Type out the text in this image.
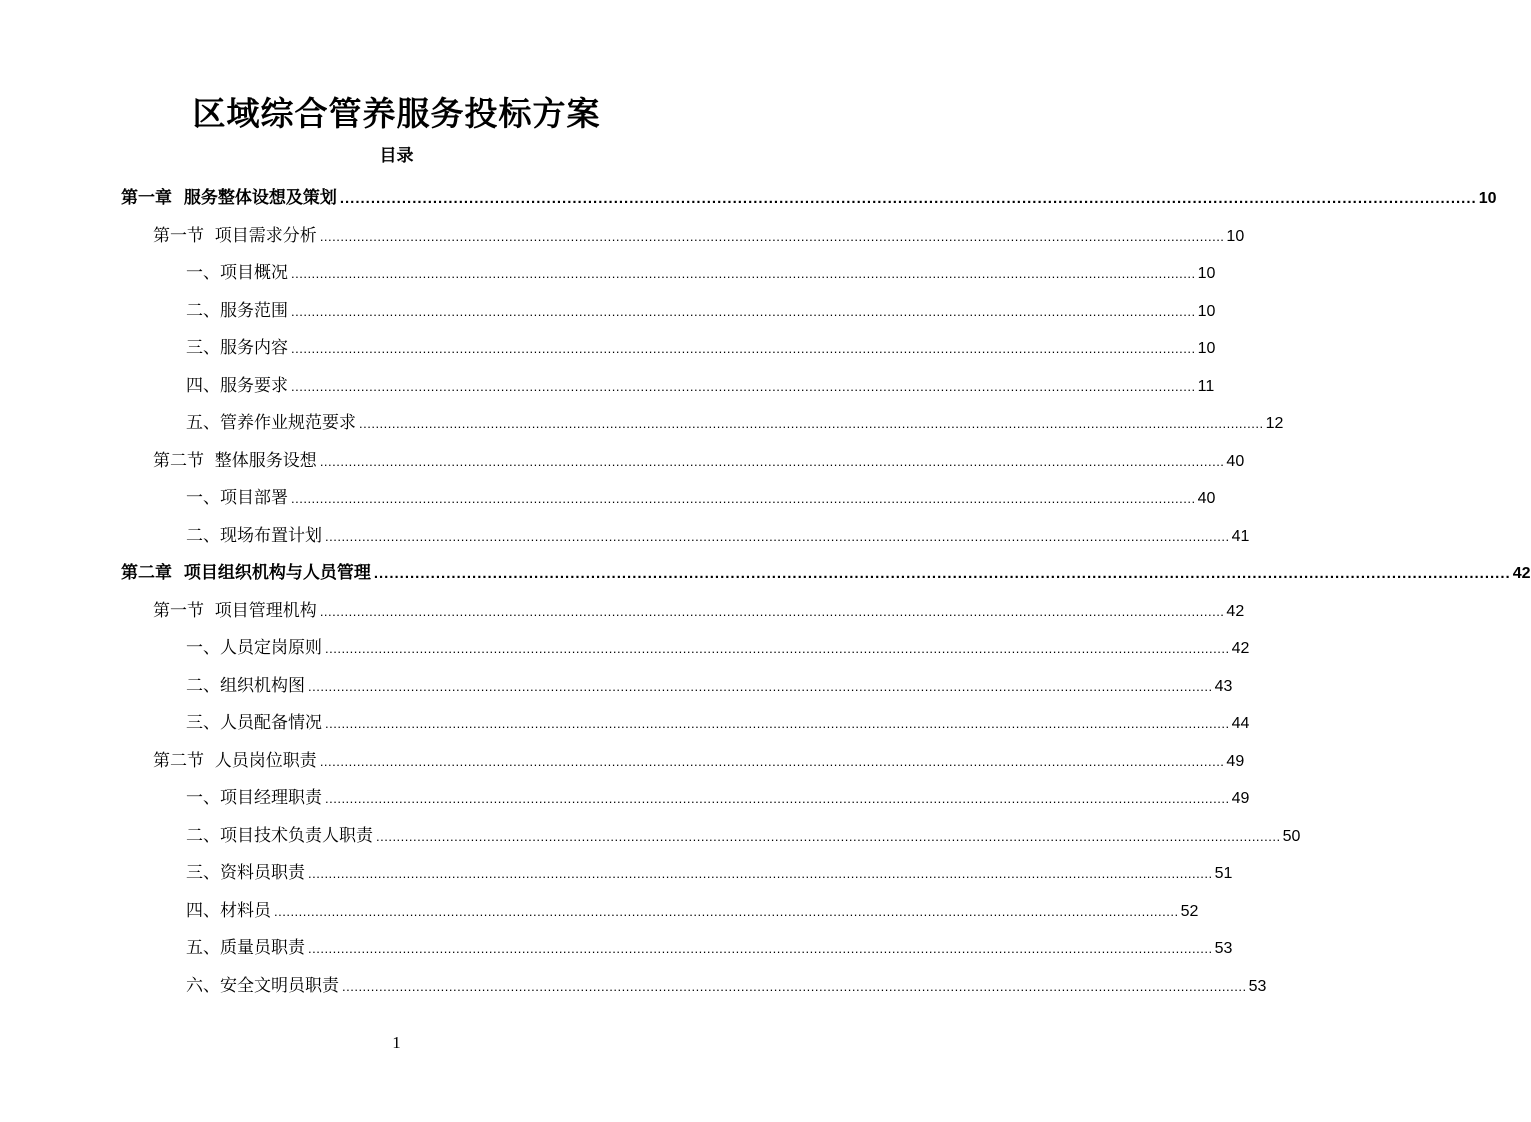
区域综合管养服务投标方案
目录
第一章  服务整体设想及策划 ............................................................................................................................................................................................................................ 10
第一节  项目需求分析 ............................................................................................................................................................................................................................ 10
一、项目概况 ............................................................................................................................................................................................................................ 10
二、服务范围 ............................................................................................................................................................................................................................ 10
三、服务内容 ............................................................................................................................................................................................................................ 10
四、服务要求 ............................................................................................................................................................................................................................ 11
五、管养作业规范要求 ............................................................................................................................................................................................................................ 12
第二节  整体服务设想 ............................................................................................................................................................................................................................ 40
一、项目部署 ............................................................................................................................................................................................................................ 40
二、现场布置计划 ............................................................................................................................................................................................................................ 41
第二章  项目组织机构与人员管理 ............................................................................................................................................................................................................................ 42
第一节  项目管理机构 ............................................................................................................................................................................................................................ 42
一、人员定岗原则 ............................................................................................................................................................................................................................ 42
二、组织机构图 ............................................................................................................................................................................................................................ 43
三、人员配备情况 ............................................................................................................................................................................................................................ 44
第二节  人员岗位职责 ............................................................................................................................................................................................................................ 49
一、项目经理职责 ............................................................................................................................................................................................................................ 49
二、项目技术负责人职责 ............................................................................................................................................................................................................................ 50
三、资料员职责 ............................................................................................................................................................................................................................ 51
四、材料员 ............................................................................................................................................................................................................................ 52
五、质量员职责 ............................................................................................................................................................................................................................ 53
六、安全文明员职责 ............................................................................................................................................................................................................................ 53
1
